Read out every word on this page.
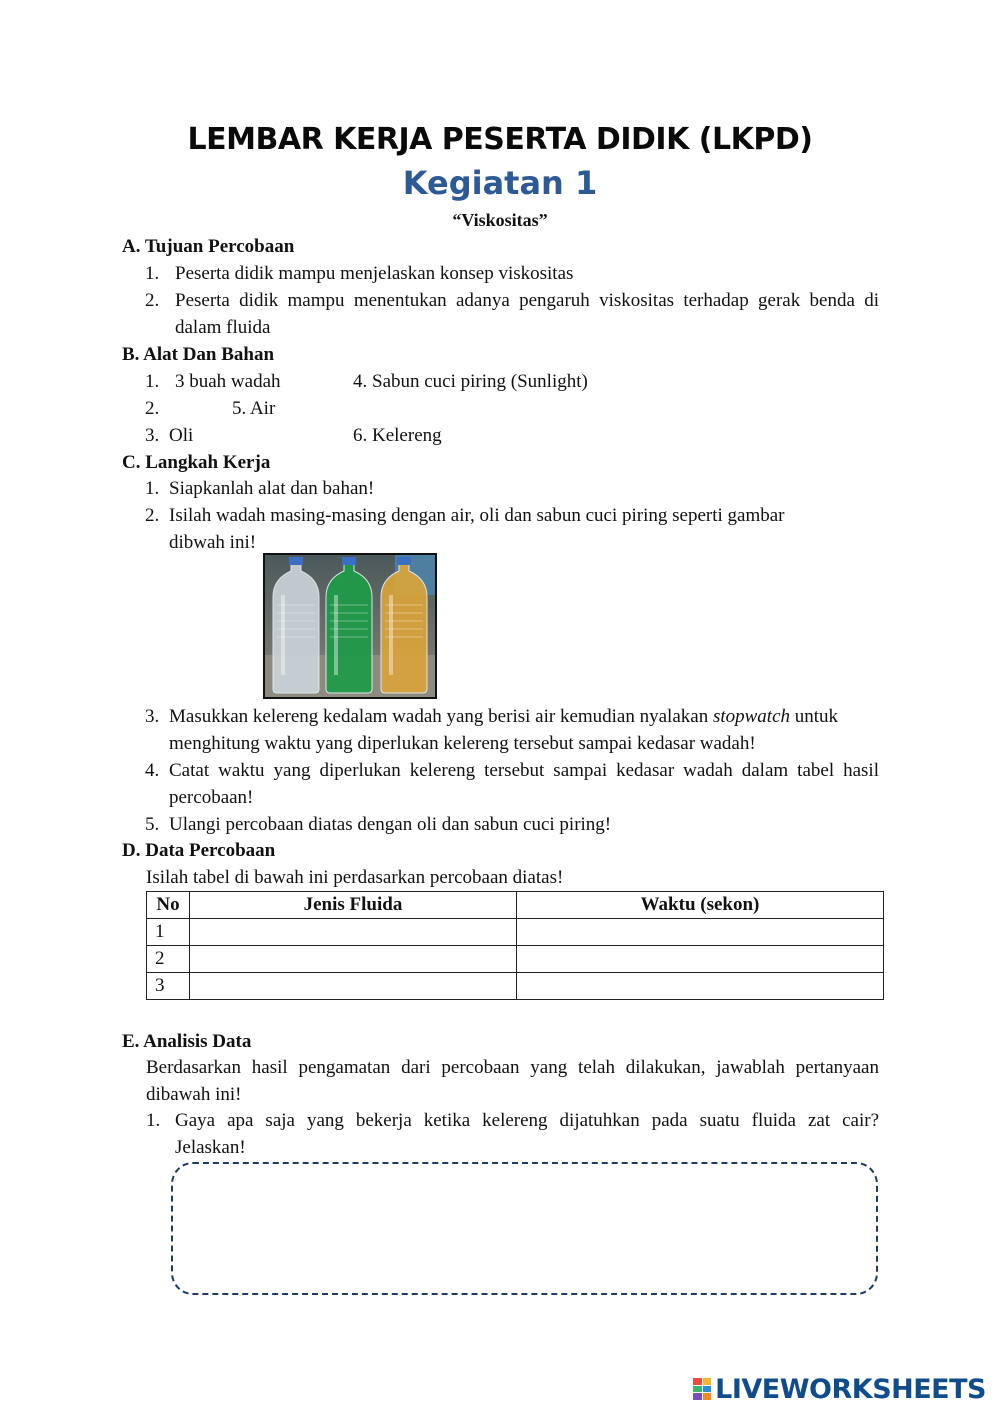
LEMBAR KERJA PESERTA DIDIK (LKPD)
Kegiatan 1
“Viskositas”
A. Tujuan Percobaan
1. Peserta didik mampu menjelaskan konsep viskositas
2. Peserta didik mampu menentukan adanya pengaruh viskositas terhadap gerak benda di
dalam fluida
B. Alat Dan Bahan
1. 3 buah wadah	4. Sabun cuci piring (Sunlight)
2.	5. Air
3. Oli	6. Kelereng
C. Langkah Kerja
1. Siapkanlah alat dan bahan!
2. Isilah wadah masing-masing dengan air, oli dan sabun cuci piring seperti gambar
dibwah ini!
3. Masukkan kelereng kedalam wadah yang berisi air kemudian nyalakan stopwatch untuk
menghitung waktu yang diperlukan kelereng tersebut sampai kedasar wadah!
4. Catat waktu yang diperlukan kelereng tersebut sampai kedasar wadah dalam tabel hasil
percobaan!
5. Ulangi percobaan diatas dengan oli dan sabun cuci piring!
D. Data Percobaan
Isilah tabel di bawah ini perdasarkan percobaan diatas!
No	Jenis Fluida	Waktu (sekon)
1		
2		
3		
E. Analisis Data
Berdasarkan hasil pengamatan dari percobaan yang telah dilakukan, jawablah pertanyaan
dibawah ini!
1. Gaya apa saja yang bekerja ketika kelereng dijatuhkan pada suatu fluida zat cair?
Jelaskan!
LIVEWORKSHEETS
